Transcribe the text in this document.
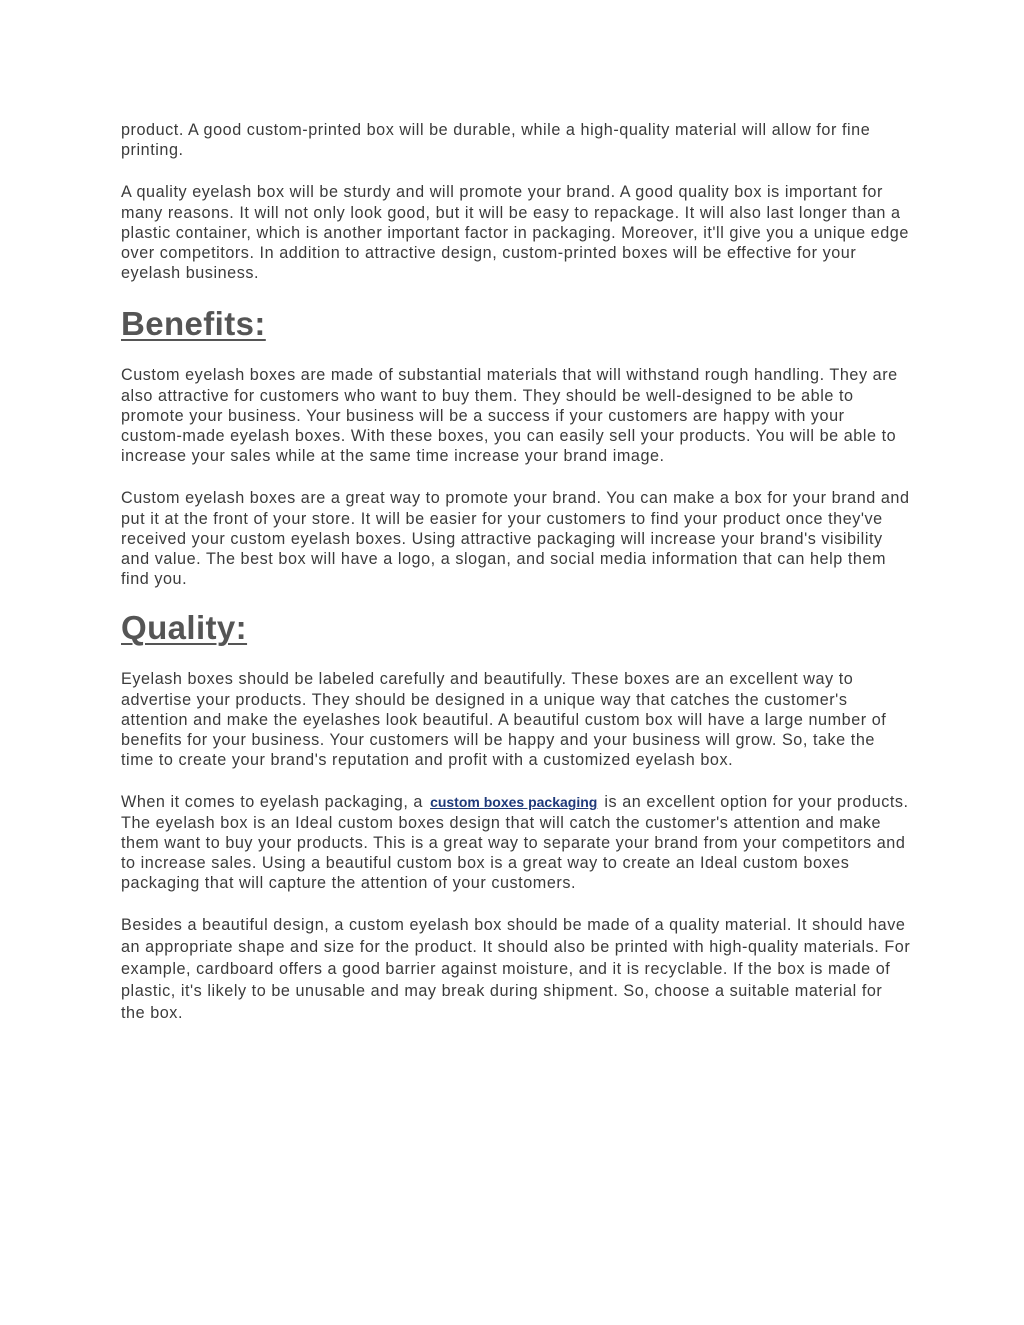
product. A good custom-printed box will be durable, while a high-quality material will allow for fine printing.

A quality eyelash box will be sturdy and will promote your brand. A good quality box is important for many reasons. It will not only look good, but it will be easy to repackage. It will also last longer than a plastic container, which is another important factor in packaging. Moreover, it'll give you a unique edge over competitors. In addition to attractive design, custom-printed boxes will be effective for your eyelash business.

Benefits:

Custom eyelash boxes are made of substantial materials that will withstand rough handling. They are also attractive for customers who want to buy them. They should be well-designed to be able to promote your business. Your business will be a success if your customers are happy with your custom-made eyelash boxes. With these boxes, you can easily sell your products. You will be able to increase your sales while at the same time increase your brand image.

Custom eyelash boxes are a great way to promote your brand. You can make a box for your brand and put it at the front of your store. It will be easier for your customers to find your product once they've received your custom eyelash boxes. Using attractive packaging will increase your brand's visibility and value. The best box will have a logo, a slogan, and social media information that can help them find you.

Quality:

Eyelash boxes should be labeled carefully and beautifully. These boxes are an excellent way to advertise your products. They should be designed in a unique way that catches the customer's attention and make the eyelashes look beautiful. A beautiful custom box will have a large number of benefits for your business. Your customers will be happy and your business will grow. So, take the time to create your brand's reputation and profit with a customized eyelash box.

When it comes to eyelash packaging, a custom boxes packaging is an excellent option for your products. The eyelash box is an Ideal custom boxes design that will catch the customer's attention and make them want to buy your products. This is a great way to separate your brand from your competitors and to increase sales. Using a beautiful custom box is a great way to create an Ideal custom boxes packaging that will capture the attention of your customers.

Besides a beautiful design, a custom eyelash box should be made of a quality material. It should have an appropriate shape and size for the product. It should also be printed with high-quality materials. For example, cardboard offers a good barrier against moisture, and it is recyclable. If the box is made of plastic, it's likely to be unusable and may break during shipment. So, choose a suitable material for the box.
